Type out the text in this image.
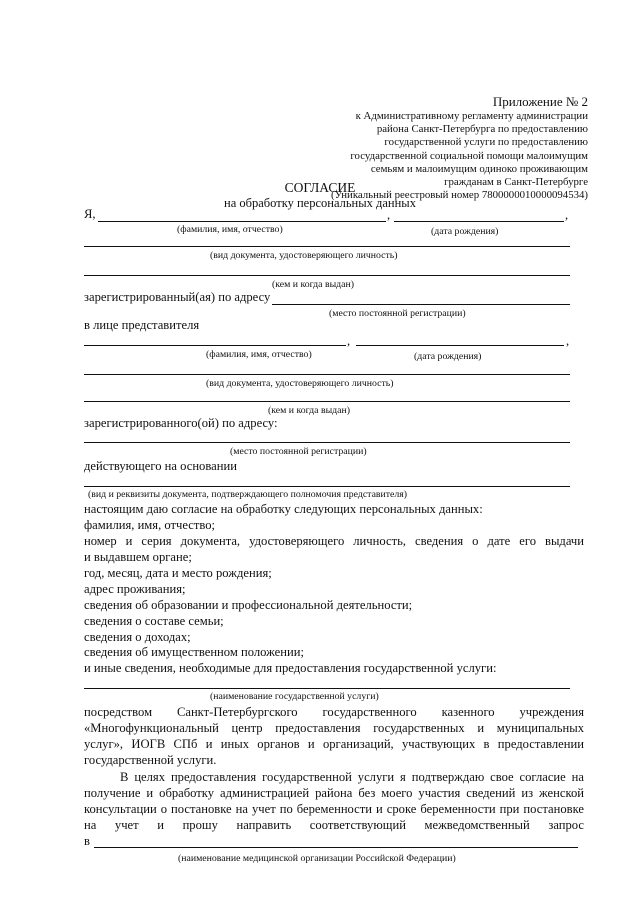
Приложение № 2
к Административному регламенту администрации
района Санкт-Петербурга по предоставлению
государственной услуги по предоставлению
государственной социальной помощи малоимущим
семьям и малоимущим одиноко проживающим
гражданам в Санкт-Петербурге
(Уникальный реестровый номер 7800000010000094534)
СОГЛАСИЕ
на обработку персональных данных
Я,	,	,
(фамилия, имя, отчество)	(дата рождения)
(вид документа, удостоверяющего личность)
(кем и когда выдан)
зарегистрированный(ая) по адресу
(место постоянной регистрации)
в лице представителя
,	,
(фамилия, имя, отчество)	(дата рождения)
(вид документа, удостоверяющего личность)
(кем и когда выдан)
зарегистрированного(ой) по адресу:
(место постоянной регистрации)
действующего на основании
(вид и реквизиты документа, подтверждающего полномочия представителя)
настоящим даю согласие на обработку следующих персональных данных:
фамилия, имя, отчество;
номер и серия документа, удостоверяющего личность, сведения о дате его выдачи
и выдавшем органе;
год, месяц, дата и место рождения;
адрес проживания;
сведения об образовании и профессиональной деятельности;
сведения о составе семьи;
сведения о доходах;
сведения об имущественном положении;
и иные сведения, необходимые для предоставления государственной услуги:
(наименование государственной услуги)
посредством Санкт-Петербургского государственного казенного учреждения
«Многофункциональный центр предоставления государственных и муниципальных
услуг», ИОГВ СПб и иных органов и организаций, участвующих в предоставлении
государственной услуги.
В целях предоставления государственной услуги я подтверждаю свое согласие на
получение и обработку администрацией района без моего участия сведений из женской
консультации о постановке на учет по беременности и сроке беременности при постановке
на учет и прошу направить соответствующий межведомственный запрос
в
(наименование медицинской организации Российской Федерации)
